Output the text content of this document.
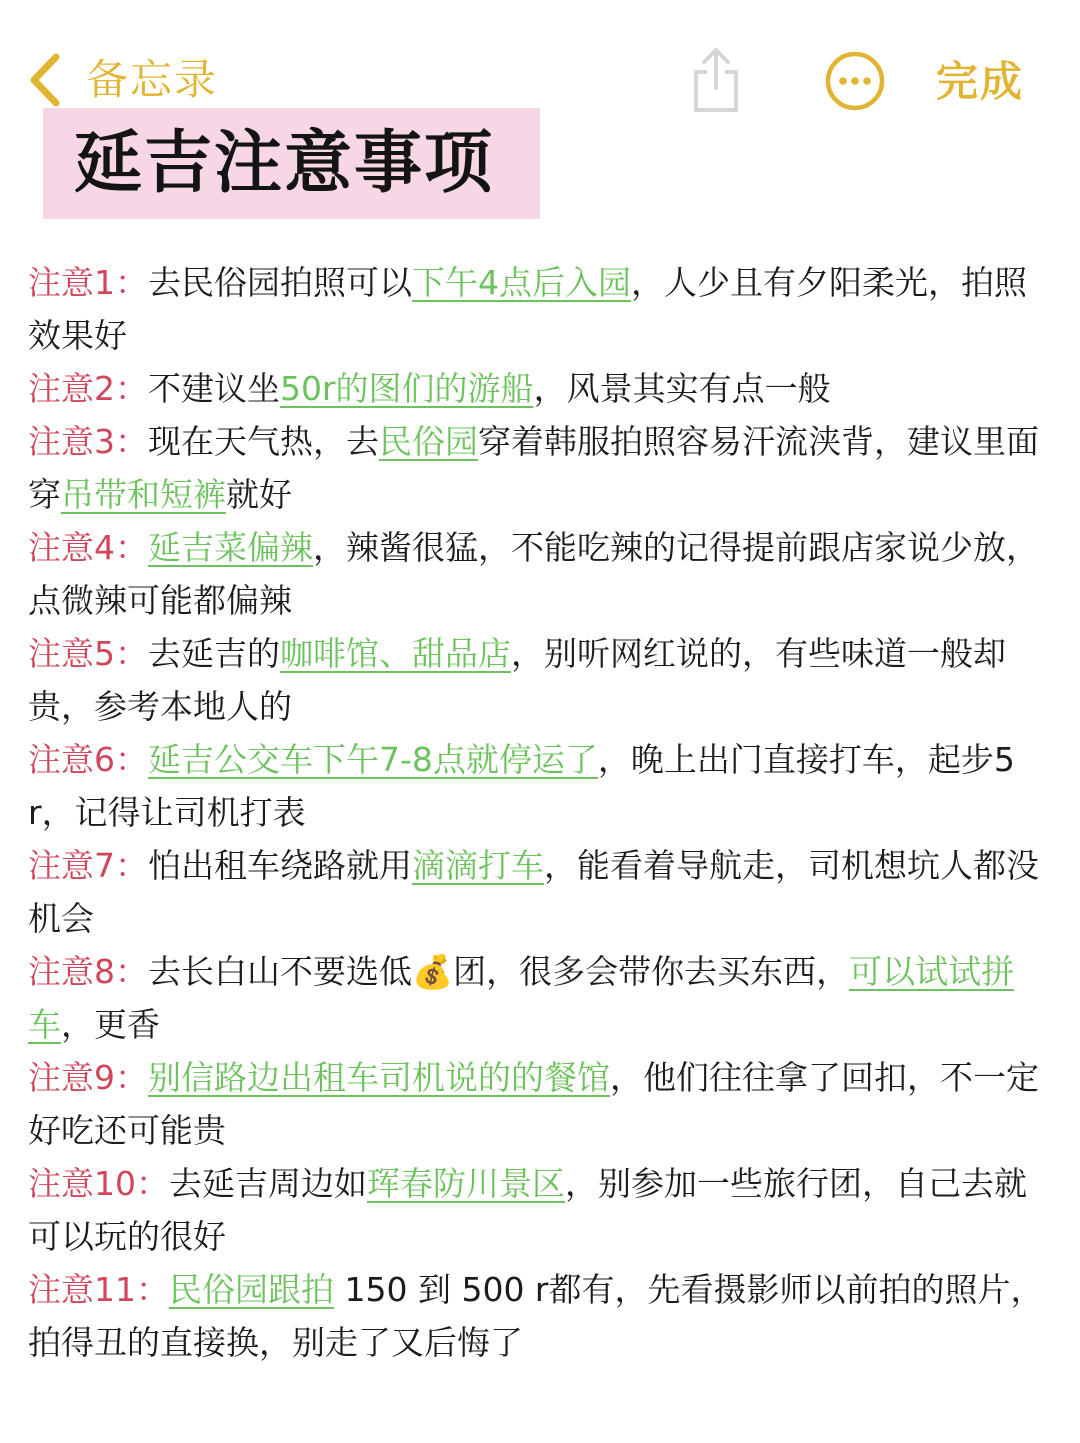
备忘录	完成
延吉注意事项

注意1：去民俗园拍照可以下午4点后入园，人少且有夕阳柔光，拍照效果好

注意2：不建议坐50r的图们的游船，风景其实有点一般

注意3：现在天气热，去民俗园穿着韩服拍照容易汗流浃背，建议里面穿吊带和短裤就好

注意4：延吉菜偏辣，辣酱很猛，不能吃辣的记得提前跟店家说少放，点微辣可能都偏辣

注意5：去延吉的咖啡馆、甜品店，别听网红说的，有些味道一般却贵，参考本地人的

注意6：延吉公交车下午7-8点就停运了，晚上出门直接打车，起步5 r，记得让司机打表

注意7：怕出租车绕路就用滴滴打车，能看着导航走，司机想坑人都没机会

注意8：去长白山不要选低💰团，很多会带你去买东西，可以试试拼车，更香

注意9：别信路边出租车司机说的的餐馆，他们往往拿了回扣，不一定好吃还可能贵

注意10：去延吉周边如珲春防川景区，别参加一些旅行团，自己去就可以玩的很好

注意11：民俗园跟拍 150 到 500 r都有，先看摄影师以前拍的照片，拍得丑的直接换，别走了又后悔了
